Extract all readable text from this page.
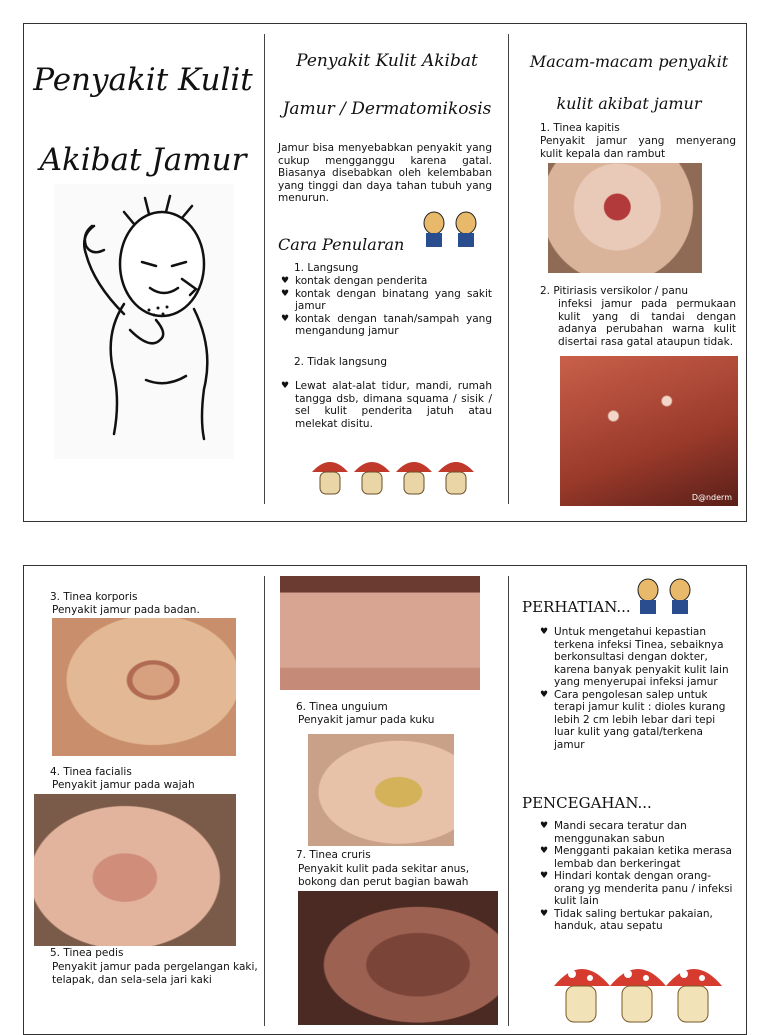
Penyakit Kulit
Akibat Jamur
Penyakit Kulit Akibat
Jamur / Dermatomikosis
Jamur bisa menyebabkan penyakit yang cukup mengganggu karena gatal. Biasanya disebabkan oleh kelembaban yang tinggi dan daya tahan tubuh yang menurun.
Cara Penularan
1. Langsung
♥ kontak dengan penderita
♥ kontak dengan binatang yang sakit jamur
♥ kontak dengan tanah/sampah yang mengandung jamur
2. Tidak langsung
♥ Lewat alat-alat tidur, mandi, rumah tangga dsb, dimana squama / sisik / sel kulit penderita jatuh atau melekat disitu.
Macam-macam penyakit
kulit akibat jamur
1. Tinea kapitis
Penyakit jamur yang menyerang kulit kepala dan rambut
2. Pitiriasis versikolor / panu
infeksi jamur pada permukaan kulit yang di tandai dengan adanya perubahan warna kulit disertai rasa gatal ataupun tidak.
D@nderm
3. Tinea korporis
Penyakit jamur pada badan.
4. Tinea facialis
Penyakit jamur pada wajah
5. Tinea pedis
Penyakit jamur pada pergelangan kaki, telapak, dan sela-sela jari kaki
6. Tinea unguium
Penyakit jamur pada kuku
7. Tinea cruris
Penyakit kulit pada sekitar anus, bokong dan perut bagian bawah
PERHATIAN...
♥ Untuk mengetahui kepastian terkena infeksi Tinea, sebaiknya berkonsultasi dengan dokter, karena banyak penyakit kulit lain yang menyerupai infeksi jamur
♥ Cara pengolesan salep untuk terapi jamur kulit : dioles kurang lebih 2 cm lebih lebar dari tepi luar kulit yang gatal/terkena jamur
PENCEGAHAN...
♥ Mandi secara teratur dan menggunakan sabun
♥ Mengganti pakaian ketika merasa lembab dan berkeringat
♥ Hindari kontak dengan orang-orang yg menderita panu / infeksi kulit lain
♥ Tidak saling bertukar pakaian, handuk, atau sepatu
